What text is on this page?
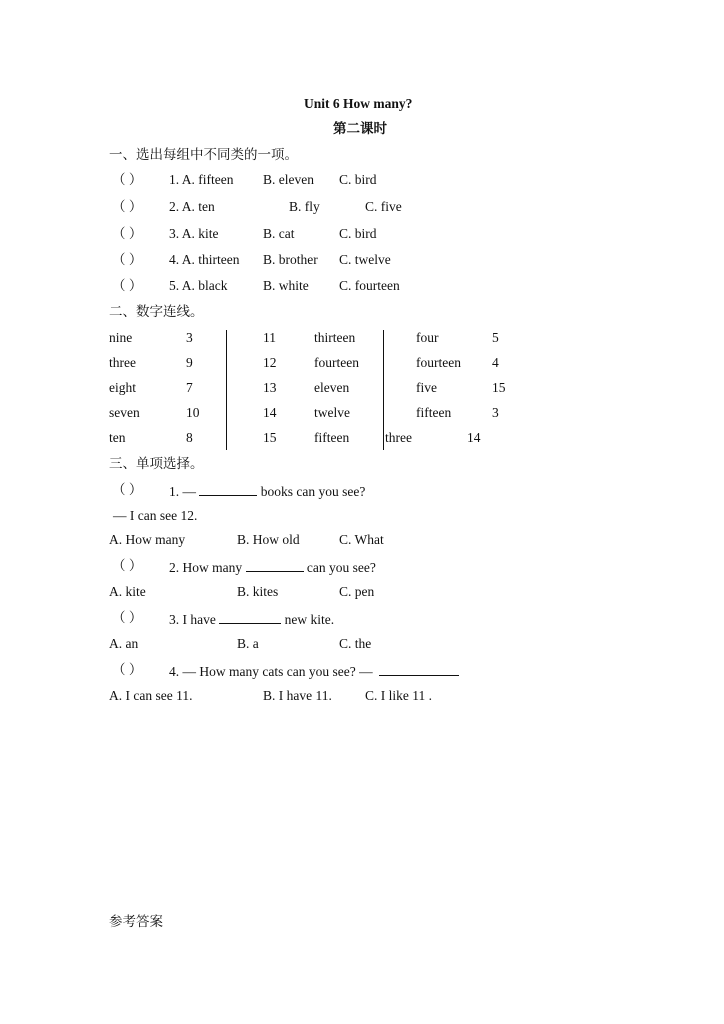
Unit 6 How many?
第二课时
一、选出每组中不同类的一项。
（ ） 1. A. fifteen B. eleven C. bird
（ ） 2. A. ten	B. fly	C. five
（ ） 3. A. kite	B. cat	C. bird
（ ） 4. A. thirteen B. brother C. twelve
（ ） 5. A. black	B. white C. fourteen
二、数字连线。
nine	3
three	9
eight	7
seven	10
ten	8
11	thirteen
12	fourteen
13	eleven
14	twelve
15	fifteen
four	5
fourteen 4
five	15
fifteen	3
three	14
三、单项选择。
（ ） 1. —	books can you see?
— I can see 12.
A. How many	B. How old	C. What
（ ） 2. How many	can you see?
A. kite	B. kites	C. pen
（ ） 3. I have	new kite.
A. an	B. a	C. the
（ ） 4. — How many cats can you see? —
A. I can see 11.	B. I have 11. C. I like 11 .
参考答案
